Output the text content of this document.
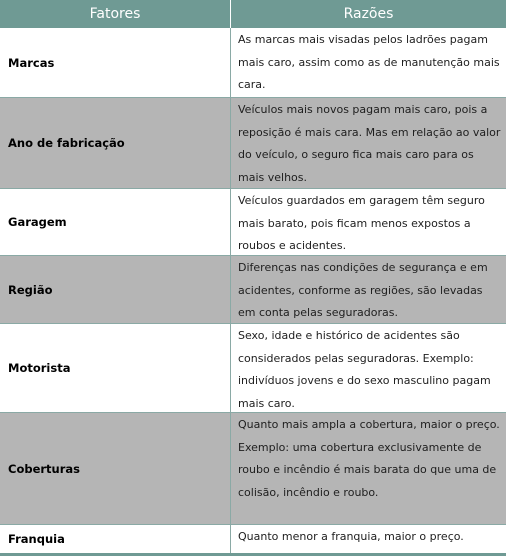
Fatores	Razões
Marcas
As marcas mais visadas pelos ladrões pagam mais caro, assim como as de manutenção mais cara.
Ano de fabricação
Veículos mais novos pagam mais caro, pois a reposição é mais cara. Mas em relação ao valor do veículo, o seguro fica mais caro para os mais velhos.
Garagem
Veículos guardados em garagem têm seguro mais barato, pois ficam menos expostos a roubos e acidentes.
Região
Diferenças nas condições de segurança e em acidentes, conforme as regiões, são levadas em conta pelas seguradoras.
Motorista
Sexo, idade e histórico de acidentes são considerados pelas seguradoras. Exemplo: indivíduos jovens e do sexo masculino pagam mais caro.
Coberturas
Quanto mais ampla a cobertura, maior o preço. Exemplo: uma cobertura exclusivamente de roubo e incêndio é mais barata do que uma de colisão, incêndio e roubo.
Franquia	Quanto menor a franquia, maior o preço.
